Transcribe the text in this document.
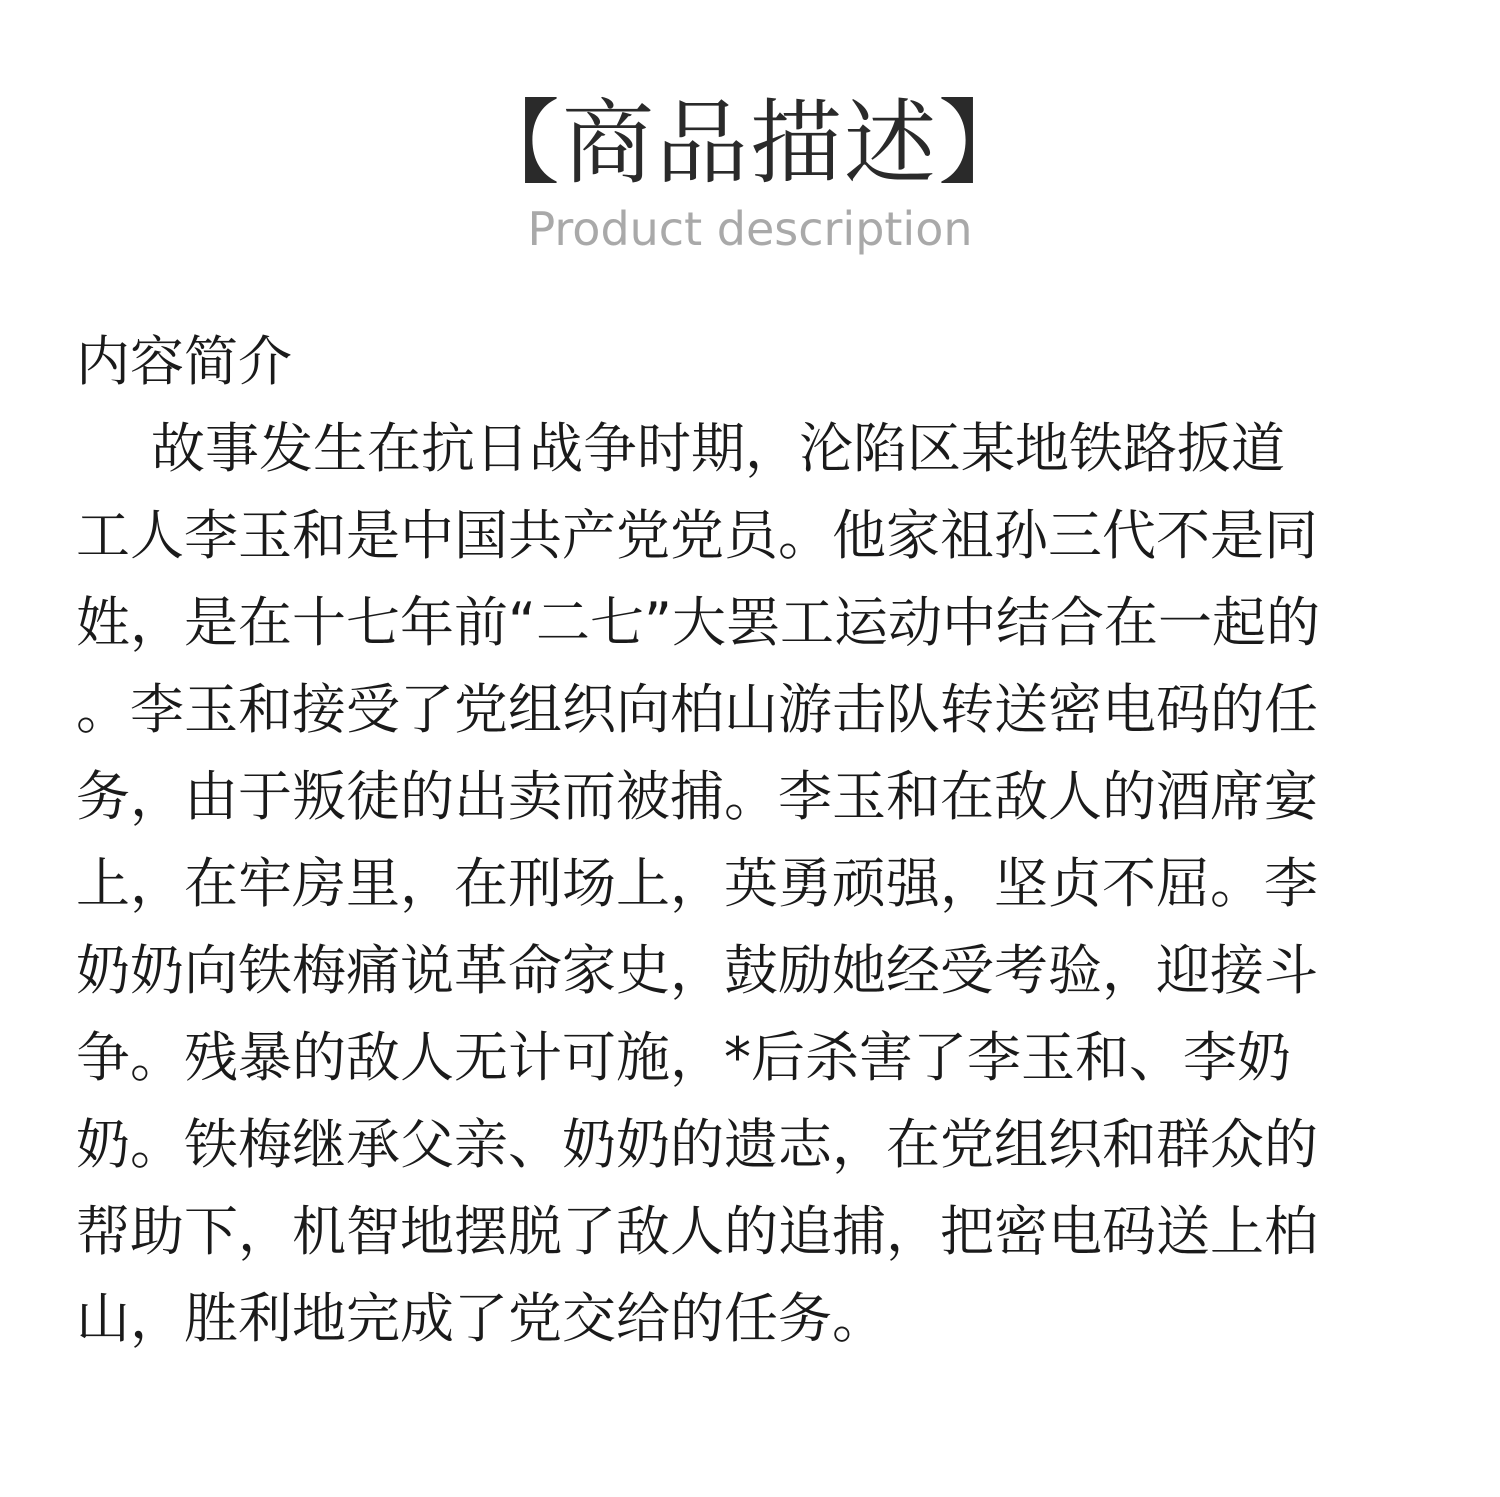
【商品描述】
Product description
内容简介
故事发生在抗日战争时期，沦陷区某地铁路扳道
工人李玉和是中国共产党党员。他家祖孙三代不是同
姓，是在十七年前“二七”大罢工运动中结合在一起的
。李玉和接受了党组织向柏山游击队转送密电码的任
务，由于叛徒的出卖而被捕。李玉和在敌人的酒席宴
上，在牢房里，在刑场上，英勇顽强，坚贞不屈。李
奶奶向铁梅痛说革命家史，鼓励她经受考验，迎接斗
争。残暴的敌人无计可施，*后杀害了李玉和、李奶
奶。铁梅继承父亲、奶奶的遗志，在党组织和群众的
帮助下，机智地摆脱了敌人的追捕，把密电码送上柏
山，胜利地完成了党交给的任务。
